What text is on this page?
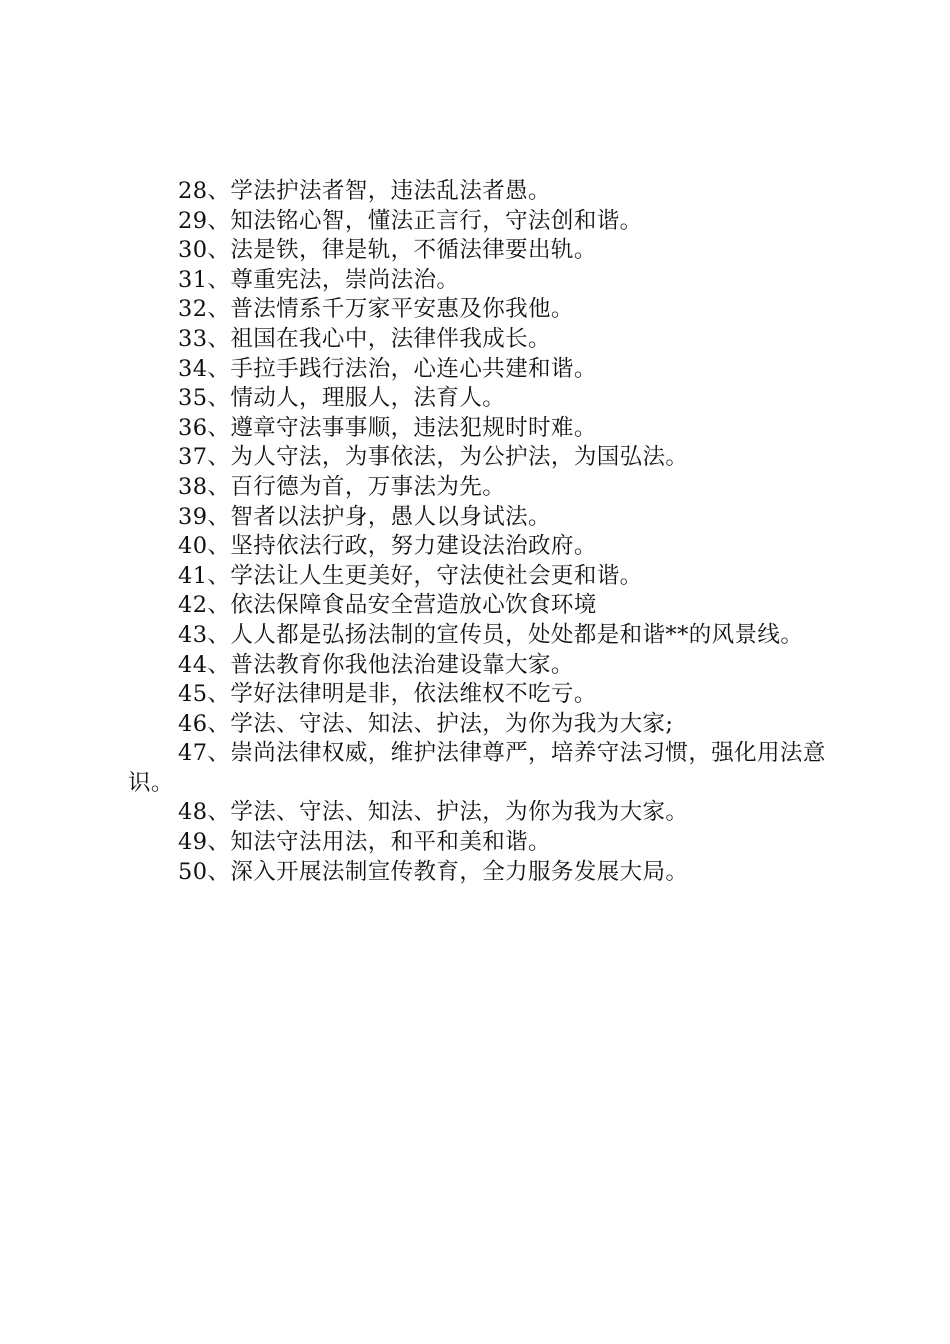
28、学法护法者智，违法乱法者愚。

29、知法铭心智，懂法正言行，守法创和谐。

30、法是铁，律是轨，不循法律要出轨。

31、尊重宪法，崇尚法治。

32、普法情系千万家平安惠及你我他。

33、祖国在我心中，法律伴我成长。

34、手拉手践行法治，心连心共建和谐。

35、情动人，理服人，法育人。

36、遵章守法事事顺，违法犯规时时难。

37、为人守法，为事依法，为公护法，为国弘法。

38、百行德为首，万事法为先。

39、智者以法护身，愚人以身试法。

40、坚持依法行政，努力建设法治政府。

41、学法让人生更美好，守法使社会更和谐。

42、依法保障食品安全营造放心饮食环境

43、人人都是弘扬法制的宣传员，处处都是和谐**的风景线。

44、普法教育你我他法治建设靠大家。

45、学好法律明是非，依法维权不吃亏。

46、学法、守法、知法、护法，为你为我为大家;

47、崇尚法律权威，维护法律尊严，培养守法习惯，强化用法意识。

48、学法、守法、知法、护法，为你为我为大家。

49、知法守法用法，和平和美和谐。

50、深入开展法制宣传教育，全力服务发展大局。
